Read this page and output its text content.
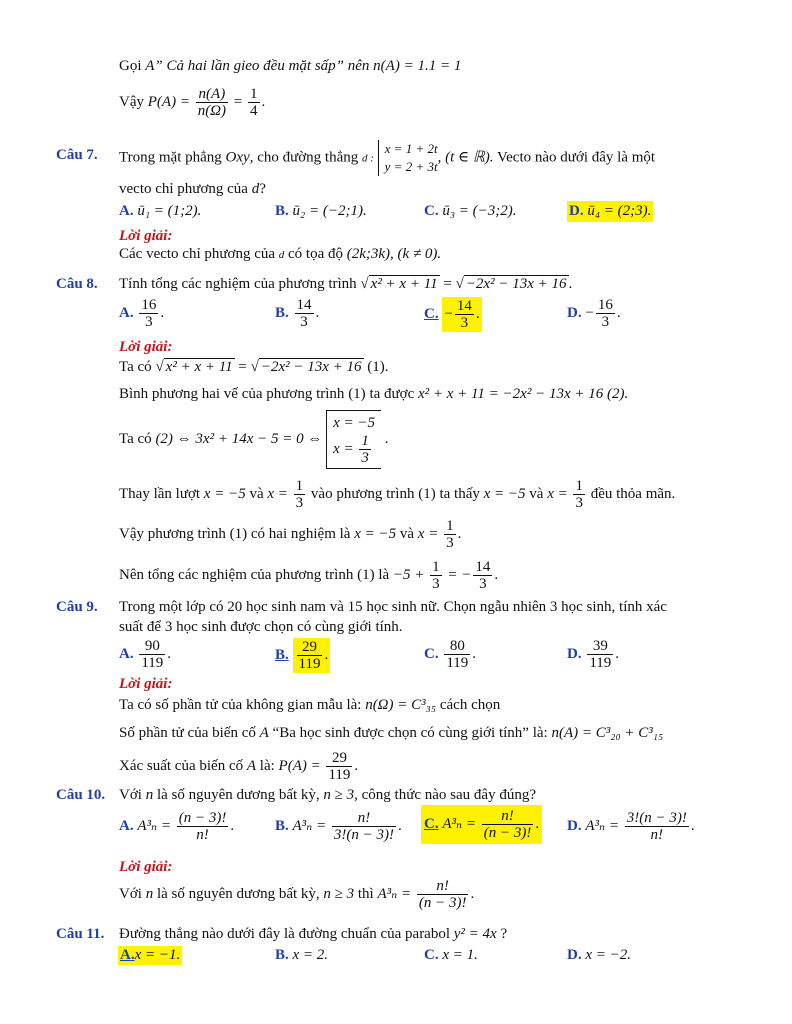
Gọi A” Cả hai lần gieo đều mặt sấp” nên n(A) = 1.1 = 1
Vậy $P(A) = \frac{n(A)}{n(\Omega)} = \frac{1}{4}$ .
Câu 7. Trong mặt phẳng Oxy, cho đường thẳng d :
x = 1 + 2t
y = 2 + 3t
, (t ∈ ℝ). Vecto nào dưới đây là một
vecto chỉ phương của d?
A. ū₁ = (1;2).	B. ū₂ = (−2;1).	C. ū₃ = (−3;2).	D. ū₄ = (2;3).
Lời giải:
Các vecto chỉ phương của d có tọa độ (2k;3k), (k ≠ 0).
Câu 8. Tính tổng các nghiệm của phương trình √ x² + x + 11 = √ −2x² − 13x + 16 .
A. $\frac{16}{3}$ .	B. $\frac{14}{3}$ .	C. − $\frac{14}{3}$ .	D. − $\frac{16}{3}$ .
Lời giải:
Ta có √ x² + x + 11 = √ −2x² − 13x + 16 (1).
Bình phương hai vế của phương trình (1) ta được x² + x + 11 = −2x² − 13x + 16 (2).
Ta có (2) ⇔ 3x² + 14x − 5 = 0 ⇔
x = −5
$x = \frac{1}{3}$ .
Thay lần lượt x = −5 và $x = \frac{1}{3}$ vào phương trình (1) ta thấy x = −5 và $x = \frac{1}{3}$ đều thỏa mãn.
Vậy phương trình (1) có hai nghiệm là x = −5 và $x = \frac{1}{3}$ .
Nên tổng các nghiệm của phương trình (1) là $-5 + \frac{1}{3}$ = − $\frac{14}{3}$ .
Câu 9. Trong một lớp có 20 học sinh nam và 15 học sinh nữ. Chọn ngẫu nhiên 3 học sinh, tính xác
suất để 3 học sinh được chọn có cùng giới tính.
A. $\frac{90}{119}$ .	B. $\frac{29}{119}$ .	C. $\frac{80}{119}$ .	D. $\frac{39}{119}$ .
Lời giải:
Ta có số phần tử của không gian mẫu là: n(Ω) = C³₃₅ cách chọn
Số phần tử của biến cố A “Ba học sinh được chọn có cùng giới tính” là: n(A) = C³₂₀ + C³₁₅
Xác suất của biến cố A là: $P(A) = \frac{29}{119}$ .
Câu 10. Với n là số nguyên dương bất kỳ, n ≥ 3, công thức nào sau đây đúng?
A. $A^3_n = \frac{(n - 3)!}{n!}$ .	B. $A^3_n = \frac{n!}{3!(n - 3)!}$ . C. $A^3_n = \frac{n!}{(n - 3)!}$ . D. $A^3_n = \frac{3!(n - 3)!}{n!}$ .
Lời giải:
Với n là số nguyên dương bất kỳ, n ≥ 3 thì $A^3_n = \frac{n!}{(n - 3)!}$ .
Câu 11. Đường thẳng nào dưới đây là đường chuẩn của parabol y² = 4x ?
A.x = −1.	B. x = 2.	C. x = 1.	D. x = −2.
